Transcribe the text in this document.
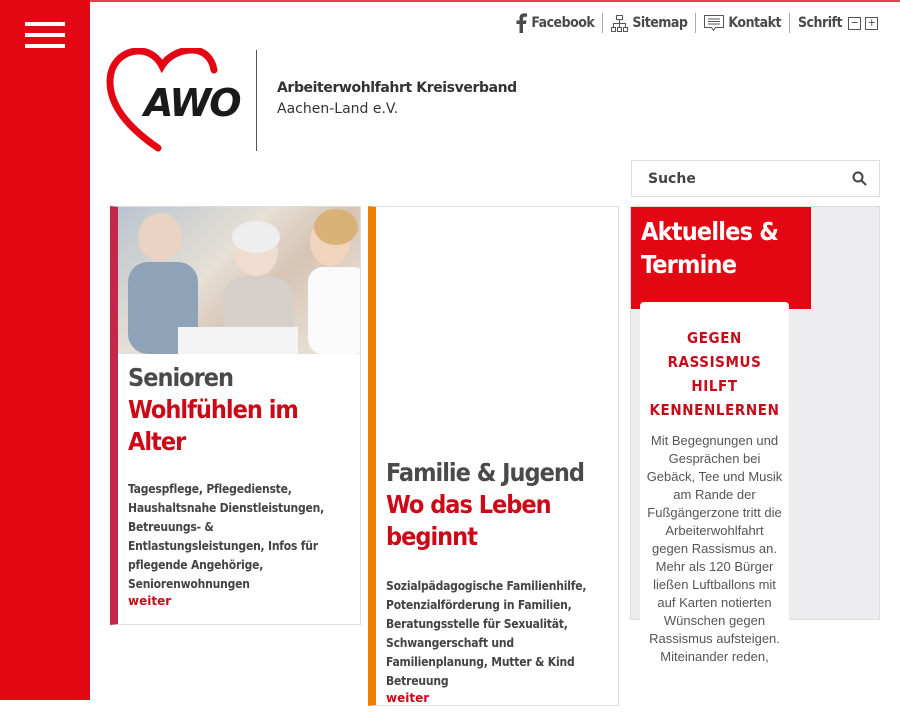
Facebook	Sitemap	Kontakt Schrift − +
AWO	Arbeiterwohlfahrt Kreisverband
Aachen-Land e.V.
Suche
Senioren
Wohlfühlen im Alter
Tagespflege, Pflegedienste, Haushaltsnahe Dienstleistungen, Betreuungs- & Entlastungsleistungen, Infos für pflegende Angehörige, Seniorenwohnungen
weiter
Familie & Jugend
Wo das Leben beginnt
Sozialpädagogische Familienhilfe, Potenzialförderung in Familien, Beratungsstelle für Sexualität, Schwangerschaft und Familienplanung, Mutter & Kind Betreuung
weiter
Aktuelles & Termine
GEGEN RASSISMUS HILFT KENNENLERNEN
Mit Begegnungen und Gesprächen bei Gebäck, Tee und Musik am Rande der Fußgängerzone tritt die Arbeiterwohlfahrt gegen Rassismus an. Mehr als 120 Bürger ließen Luftballons mit auf Karten notierten Wünschen gegen Rassismus aufsteigen. Miteinander reden,
